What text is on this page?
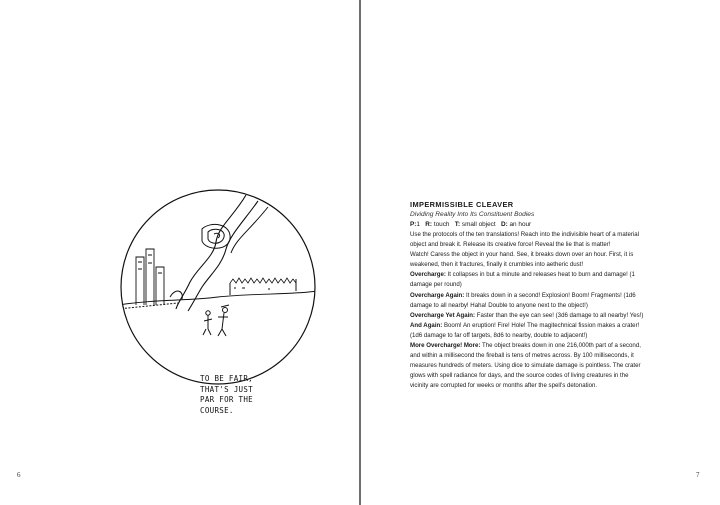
TO BE FAIR,
THAT'S JUST
PAR FOR THE
COURSE.
6
IMPERMISSIBLE CLEAVER
Dividing Reality Into Its Constituent Bodies
P:1 R: touch T: small object D: an hour
Use the protocols of the ten translations! Reach into the indivisible heart of a material
object and break it. Release its creative force! Reveal the lie that is matter!
Watch! Caress the object in your hand. See, it breaks down over an hour. First, it is
weakened, then it fractures, finally it crumbles into aetheric dust!
Overcharge: It collapses in but a minute and releases heat to burn and damage! (1
damage per round)
Overcharge Again: It breaks down in a second! Explosion! Boom! Fragments! (1d6
damage to all nearby! Haha! Double to anyone next to the object!)
Overcharge Yet Again: Faster than the eye can see! (3d6 damage to all nearby! Yes!)
And Again: Boom! An eruption! Fire! Hole! The magitechnical fission makes a crater!
(1d6 damage to far off targets, 8d6 to nearby, double to adjacent!)
More Overcharge! More: The object breaks down in one 216,000th part of a second,
and within a millisecond the fireball is tens of metres across. By 100 milliseconds, it
measures hundreds of meters. Using dice to simulate damage is pointless. The crater
glows with spell radiance for days, and the source codes of living creatures in the
vicinity are corrupted for weeks or months after the spell's detonation.
7
